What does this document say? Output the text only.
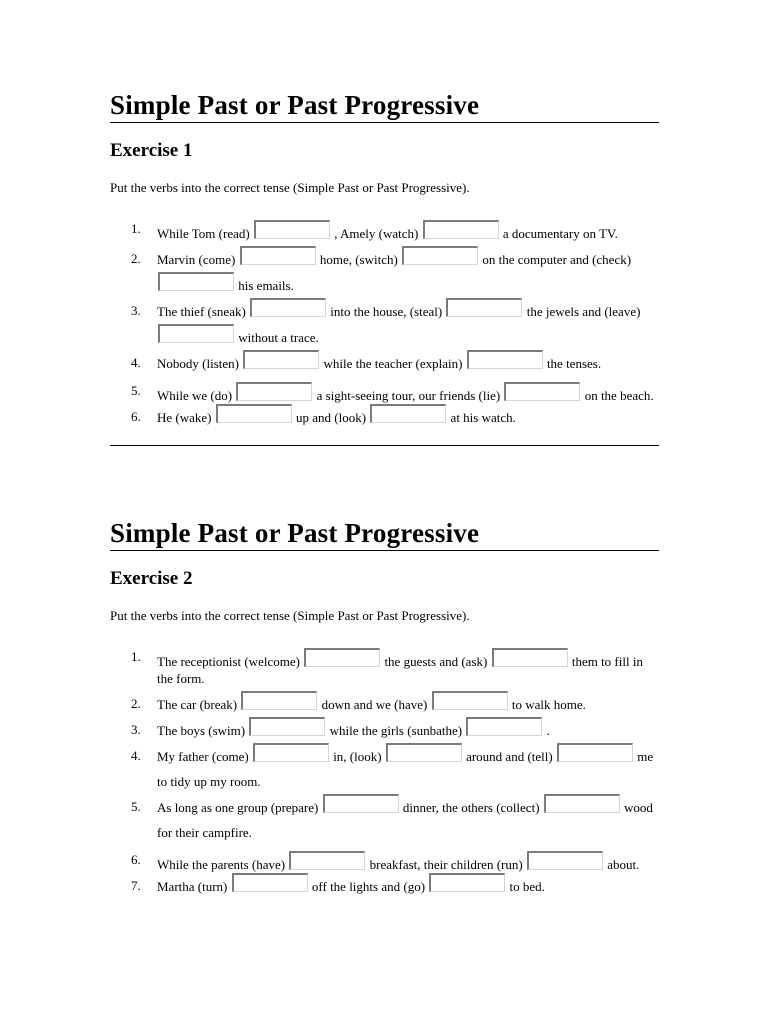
Simple Past or Past Progressive
Exercise 1
Put the verbs into the correct tense (Simple Past or Past Progressive).
1. While Tom (read)	, Amely (watch)	a documentary on TV.
2. Marvin (come)	home, (switch)	on the computer and (check)  his emails.
3. The thief (sneak)	into the house, (steal)	the jewels and (leave)  without a trace.
4. Nobody (listen)	while the teacher (explain)	the tenses.
5. While we (do)	a sight-seeing tour, our friends (lie)	on the beach.
6. He (wake)	up and (look)	at his watch.
Simple Past or Past Progressive
Exercise 2
Put the verbs into the correct tense (Simple Past or Past Progressive).
1. The receptionist (welcome)	the guests and (ask)	them to fill in the form.
2. The car (break)	down and we (have)	to walk home.
3. The boys (swim)	while the girls (sunbathe)	.
4. My father (come)	in, (look)	around and (tell)	me to tidy up my room.
5. As long as one group (prepare)	dinner, the others (collect)	wood for their campfire.
6. While the parents (have)	breakfast, their children (run)	about.
7. Martha (turn)	off the lights and (go)	to bed.
